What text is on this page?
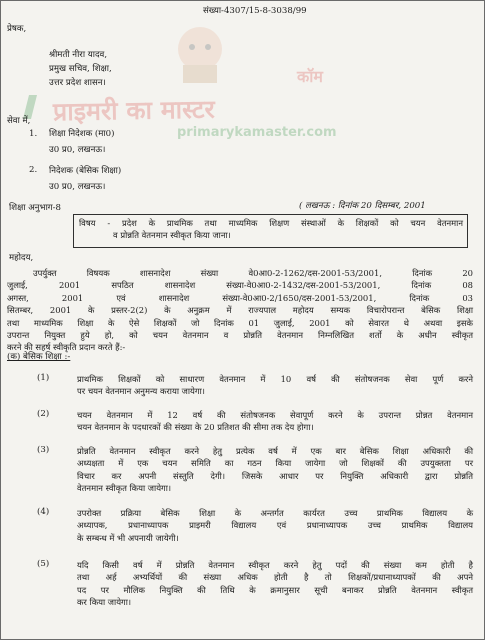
प्राइमरी का मास्टर
कॉम
primarykamaster.com
संख्या-4307/15-8-3038/99
प्रेषक,
श्रीमती नीरा यादव,
प्रमुख सचिव, शिक्षा,
उत्तर प्रदेश शासन।
सेवा में,
1. शिक्षा निदेशक (मा0)
उ0 प्र0, लखनऊ।
2. निदेशक (बेसिक शिक्षा)
उ0 प्र0, लखनऊ।
शिक्षा अनुभाग-8	( लखनऊ : दिनांक 20 दिसम्बर, 2001
विषय - प्रदेश के प्राथमिक तथा माध्यमिक शिक्षण संस्थाओं के शिक्षकों को चयन वेतनमान
व प्रोन्नति वेतनमान स्वीकृत किया जाना।
महोदय,
उपर्युक्त विषयक शासनादेश संख्या वे0आ0-2-1262/दस-2001-53/2001, दिनांक 20
जुलाई, 2001 सपठित शासनादेश संख्या-वे0आ0-2-1432/दस-2001-53/2001, दिनांक 08
अगस्त, 2001 एवं शासनादेश संख्या-वे0आ0-2/1650/दस-2001-53/2001, दिनांक 03
सितम्बर, 2001 के प्रस्तर-2(2) के अनुक्रम में राज्यपाल महोदय सम्यक विचारोपरान्त बेसिक शिक्षा
तथा माध्यमिक शिक्षा के ऐसे शिक्षकों जो दिनांक 01 जुलाई, 2001 को सेवारत थे अथवा इसके
उपरान्त नियुक्त हुये हो, को चयन वेतनमान व प्रोन्नति वेतनमान निम्नलिखित शर्तो के अधीन स्वीकृत
करने की सहर्ष स्वीकृति प्रदान करते हैं:-
(क) बेसिक शिक्षा :-
(1)	प्राथमिक शिक्षकों को साधारण वेतनमान में 10 वर्ष की संतोषजनक सेवा पूर्ण करने
पर चयन वेतनमान अनुमन्य कराया जायेगा।
(2)	चयन वेतनमान में 12 वर्ष की संतोषजनक सेवापूर्ण करने के उपरान्त प्रोन्नत वेतनमान
चयन वेतनमान के पदधारकों की संख्या के 20 प्रतिशत की सीमा तक देय होगा।
(3)	प्रोन्नति वेतनमान स्वीकृत करने हेतु प्रत्येक वर्ष में एक बार बेसिक शिक्षा अधिकारी की
अध्यक्षता में एक चयन समिति का गठन किया जायेगा जो शिक्षकों की उपयुक्तता पर
विचार कर अपनी संस्तुति देगी। जिसके आधार पर नियुक्ति अधिकारी द्वारा प्रोन्नति
वेतनमान स्वीकृत किया जायेगा।
(4)	उपरोक्त प्रक्रिया बेसिक शिक्षा के अन्तर्गत कार्यरत उच्च प्राथमिक विद्यालय के
अध्यापक, प्रधानाध्यापक प्राइमरी विद्यालय एवं प्रधानाध्यापक उच्च प्राथमिक विद्यालय
के सम्बन्ध में भी अपनायी जायेगी।
(5)	यदि किसी वर्ष में प्रोन्नति वेतनमान स्वीकृत करने हेतु पदों की संख्या कम होती है
तथा अर्ह अभ्यर्थियों की संख्या अधिक होती है तो शिक्षकों/प्रधानाध्यापकों की अपने
पद पर मौलिक नियुक्ति की तिथि के क्रमानुसार सूची बनाकर प्रोन्नति वेतनमान स्वीकृत
कर किया जायेगा।
